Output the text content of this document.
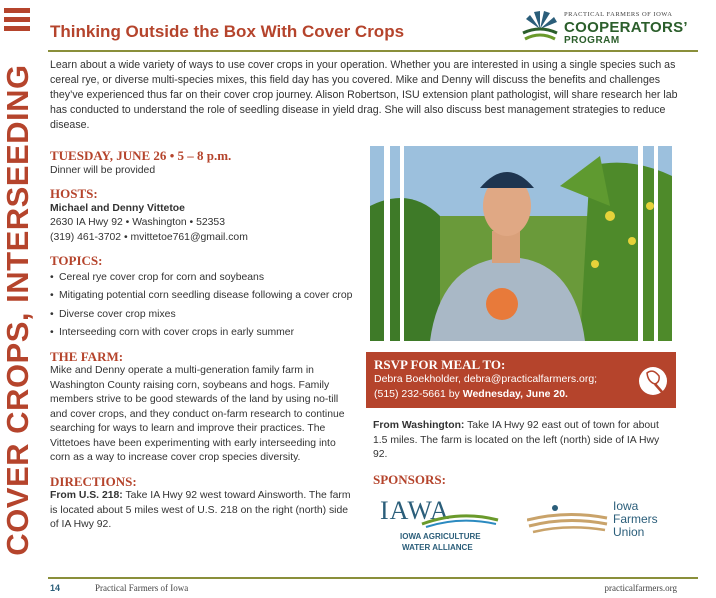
COVER CROPS, INTERSEEDING
Thinking Outside the Box With Cover Crops
PRACTICAL FARMERS OF IOWA
COOPERATORS’
PROGRAM
Learn about a wide variety of ways to use cover crops in your operation. Whether you are interested in using a single species such as cereal rye, or diverse multi-species mixes, this field day has you covered. Mike and Denny will discuss the benefits and challenges they’ve experienced thus far on their cover crop journey. Alison Robertson, ISU extension plant pathologist, will share research her lab has conducted to understand the role of seedling disease in yield drag. She will also discuss best management strategies to reduce disease.
TUESDAY, JUNE 26 • 5 – 8 p.m.
Dinner will be provided
HOSTS:
Michael and Denny Vittetoe
2630 IA Hwy 92 • Washington • 52353
(319) 461-3702 • mvittetoe761@gmail.com
TOPICS:
• Cereal rye cover crop for corn and soybeans
• Mitigating potential corn seedling disease following a cover crop
• Diverse cover crop mixes
• Interseeding corn with cover crops in early summer
THE FARM:
Mike and Denny operate a multi-generation family farm in Washington County raising corn, soybeans and hogs. Family members strive to be good stewards of the land by using no-till and cover crops, and they conduct on-farm research to continue searching for ways to learn and improve their practices. The Vittetoes have been experimenting with early interseeding into corn as a way to increase cover crop species diversity.
DIRECTIONS:
From U.S. 218: Take IA Hwy 92 west toward Ainsworth. The farm is located about 5 miles west of U.S. 218 on the right (north) side of IA Hwy 92.
RSVP FOR MEAL TO:
Debra Boekholder, debra@practicalfarmers.org;
(515) 232-5661 by Wednesday, June 20.
From Washington: Take IA Hwy 92 east out of town for about 1.5 miles. The farm is located on the left (north) side of IA Hwy 92.
SPONSORS:
IAWA
IOWA AGRICULTURE
WATER ALLIANCE
Iowa
Farmers
Union
14	Practical Farmers of Iowa	practicalfarmers.org
